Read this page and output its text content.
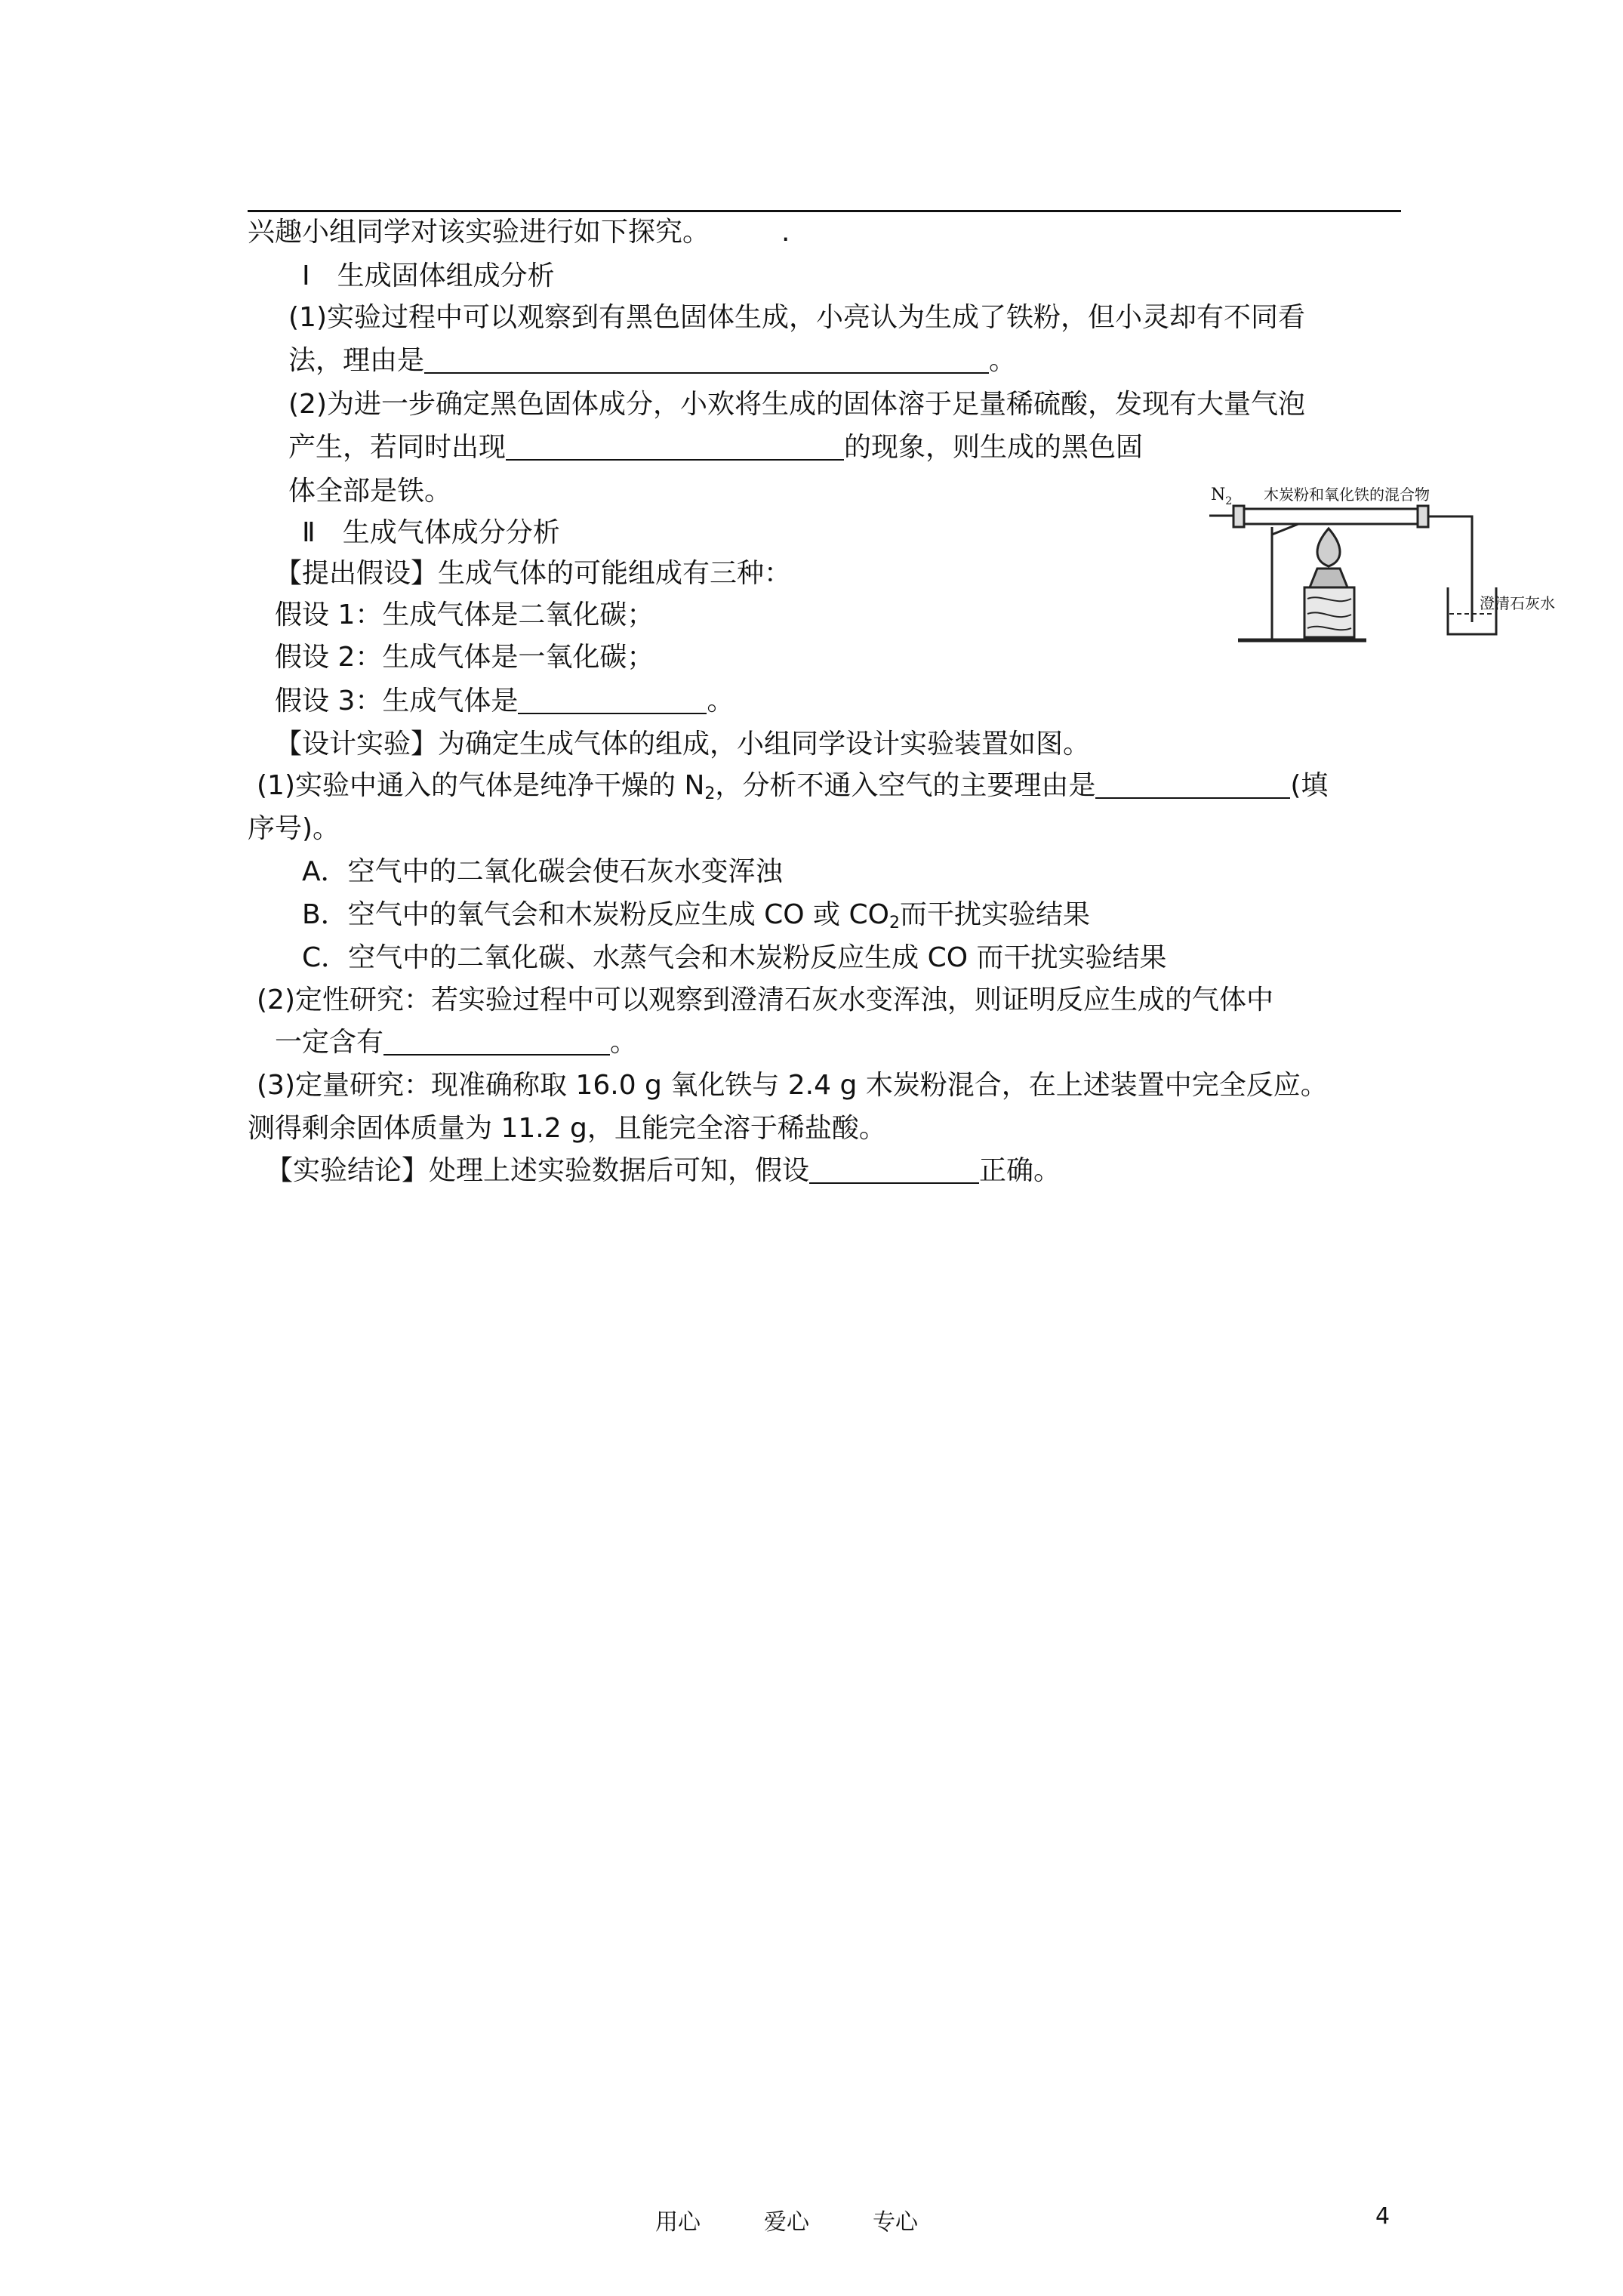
兴趣小组同学对该实验进行如下探究。	.
Ⅰ　生成固体组成分析
(1)实验过程中可以观察到有黑色固体生成，小亮认为生成了铁粉，但小灵却有不同看
法，理由是	。
(2)为进一步确定黑色固体成分，小欢将生成的固体溶于足量稀硫酸，发现有大量气泡
产生，若同时出现	的现象，则生成的黑色固
体全部是铁。
Ⅱ　生成气体成分分析
【提出假设】生成气体的可能组成有三种：
假设 1：生成气体是二氧化碳；
假设 2：生成气体是一氧化碳；
假设 3：生成气体是	。
【设计实验】为确定生成气体的组成，小组同学设计实验装置如图。
(1)实验中通入的气体是纯净干燥的 $N_2$，分析不通入空气的主要理由是	(填
序号)。
A．空气中的二氧化碳会使石灰水变浑浊
B．空气中的氧气会和木炭粉反应生成 CO 或 $CO_2$而干扰实验结果
C．空气中的二氧化碳、水蒸气会和木炭粉反应生成 CO 而干扰实验结果
(2)定性研究：若实验过程中可以观察到澄清石灰水变浑浊，则证明反应生成的气体中
一定含有	。
(3)定量研究：现准确称取 16.0 g 氧化铁与 2.4 g 木炭粉混合，在上述装置中完全反应。
测得剩余固体质量为 11.2 g，且能完全溶于稀盐酸。
【实验结论】处理上述实验数据后可知，假设	正确。
$N_2$ 木炭粉和氧化铁的混合物
澄清石灰水
用心	爱心	专心	4
